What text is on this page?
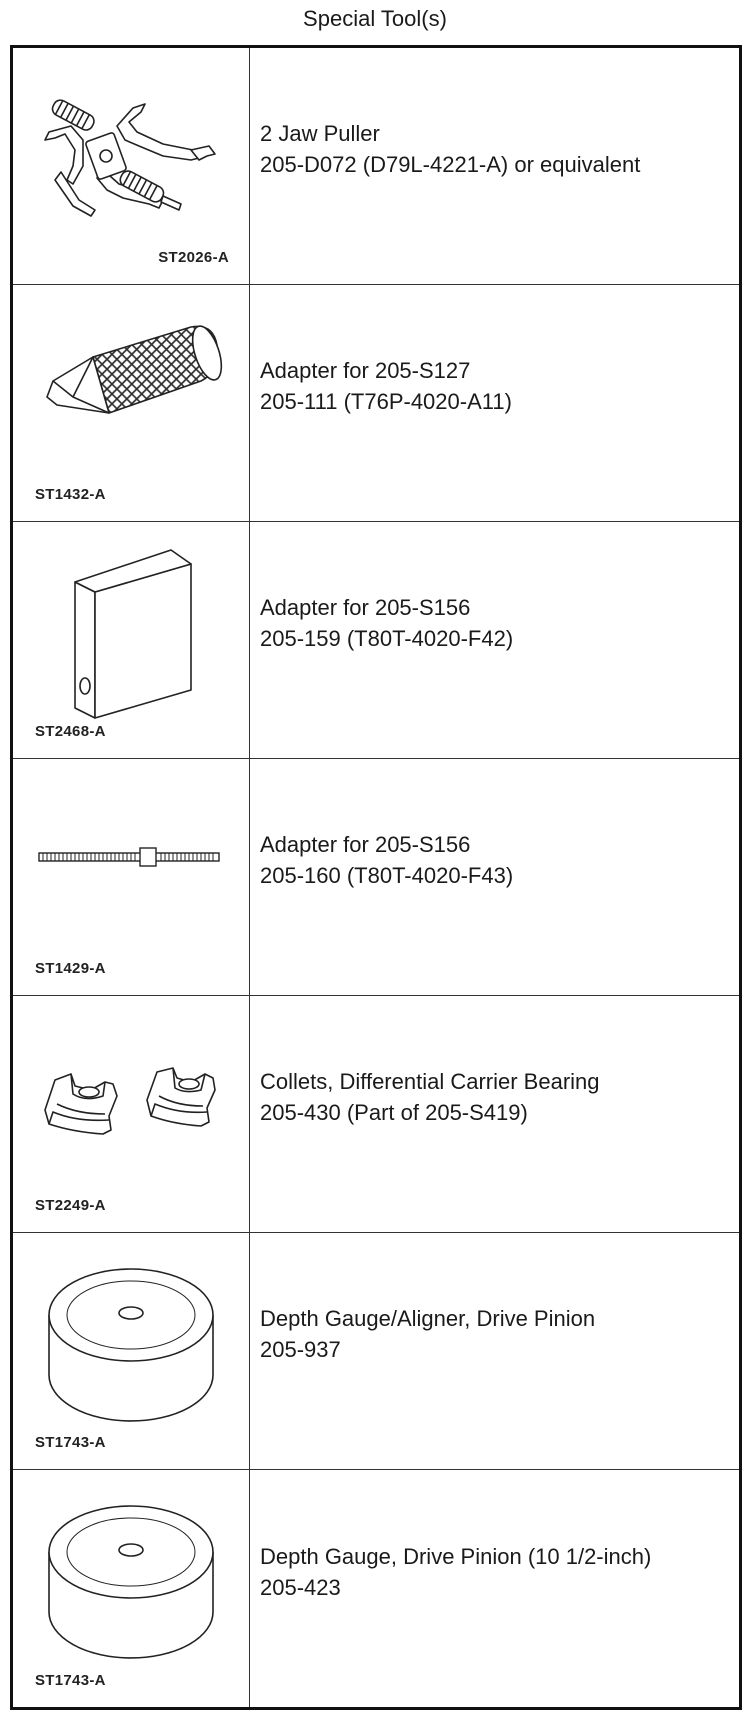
Special Tool(s)
ST2026-A
2 Jaw Puller
205-D072 (D79L-4221-A) or equivalent
ST1432-A
Adapter for 205-S127
205-111 (T76P-4020-A11)
ST2468-A
Adapter for 205-S156
205-159 (T80T-4020-F42)
ST1429-A
Adapter for 205-S156
205-160 (T80T-4020-F43)
ST2249-A
Collets, Differential Carrier Bearing
205-430 (Part of 205-S419)
ST1743-A
Depth Gauge/Aligner, Drive Pinion
205-937
ST1743-A
Depth Gauge, Drive Pinion (10 1/2-inch)
205-423
